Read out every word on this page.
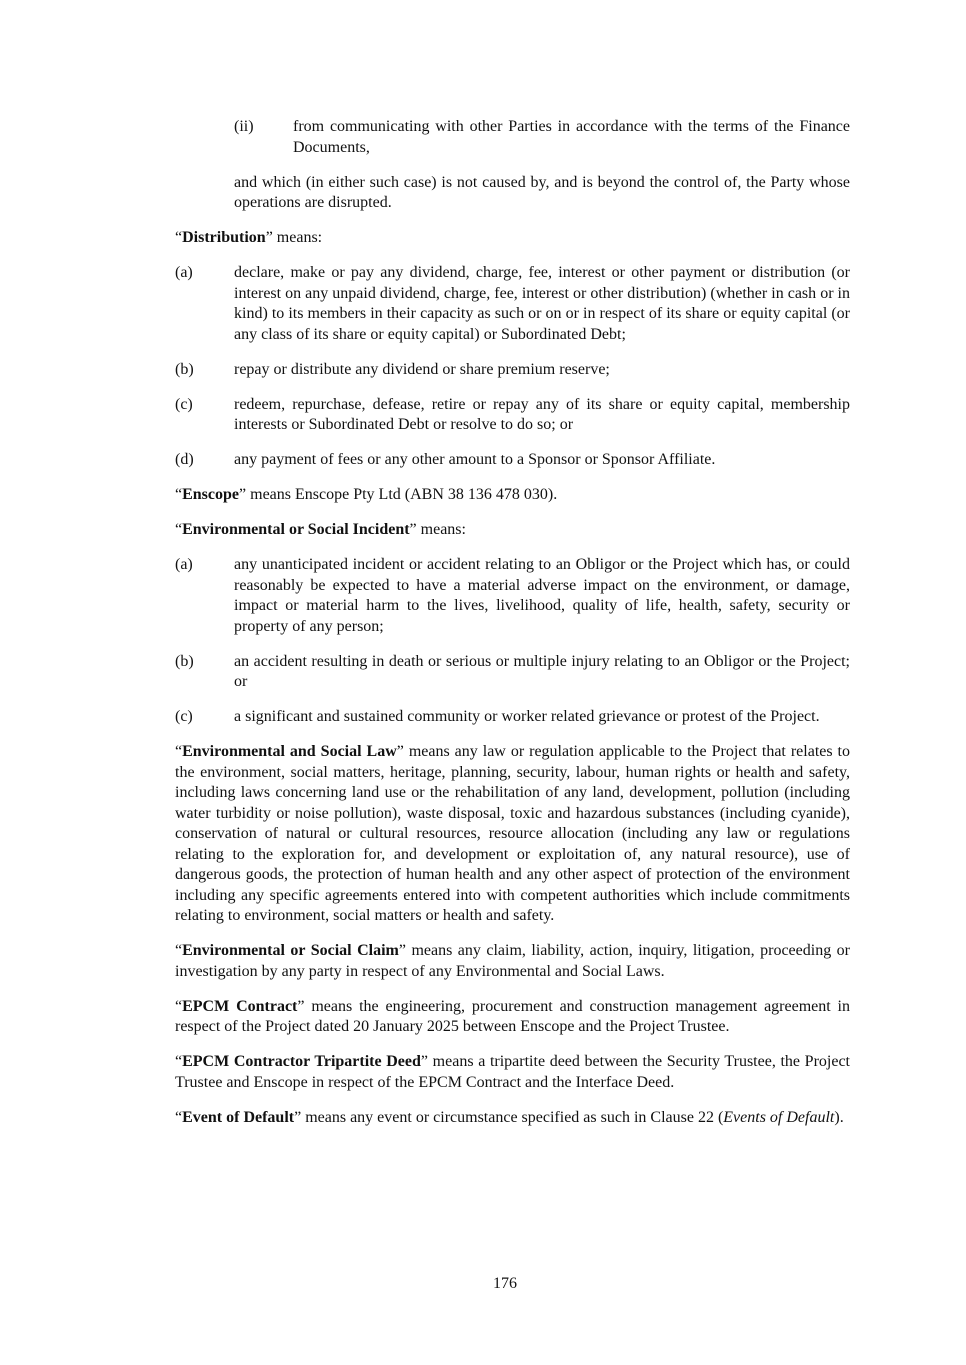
(ii)	from communicating with other Parties in accordance with the terms of the Finance Documents,

and which (in either such case) is not caused by, and is beyond the control of, the Party whose operations are disrupted.

“Distribution” means:

(a)	declare, make or pay any dividend, charge, fee, interest or other payment or distribution (or interest on any unpaid dividend, charge, fee, interest or other distribution) (whether in cash or in kind) to its members in their capacity as such or on or in respect of its share or equity capital (or any class of its share or equity capital) or Subordinated Debt;
(b)	repay or distribute any dividend or share premium reserve;
(c)	redeem, repurchase, defease, retire or repay any of its share or equity capital, membership interests or Subordinated Debt or resolve to do so; or
(d)	any payment of fees or any other amount to a Sponsor or Sponsor Affiliate.

“Enscope” means Enscope Pty Ltd (ABN 38 136 478 030).

“Environmental or Social Incident” means:

(a)	any unanticipated incident or accident relating to an Obligor or the Project which has, or could reasonably be expected to have a material adverse impact on the environment, or damage, impact or material harm to the lives, livelihood, quality of life, health, safety, security or property of any person;
(b)	an accident resulting in death or serious or multiple injury relating to an Obligor or the Project; or
(c)	a significant and sustained community or worker related grievance or protest of the Project.

“Environmental and Social Law” means any law or regulation applicable to the Project that relates to the environment, social matters, heritage, planning, security, labour, human rights or health and safety, including laws concerning land use or the rehabilitation of any land, development, pollution (including water turbidity or noise pollution), waste disposal, toxic and hazardous substances (including cyanide), conservation of natural or cultural resources, resource allocation (including any law or regulations relating to the exploration for, and development or exploitation of, any natural resource), use of dangerous goods, the protection of human health and any other aspect of protection of the environment including any specific agreements entered into with competent authorities which include commitments relating to environment, social matters or health and safety.

“Environmental or Social Claim” means any claim, liability, action, inquiry, litigation, proceeding or investigation by any party in respect of any Environmental and Social Laws.

“EPCM Contract” means the engineering, procurement and construction management agreement in respect of the Project dated 20 January 2025 between Enscope and the Project Trustee.

“EPCM Contractor Tripartite Deed” means a tripartite deed between the Security Trustee, the Project Trustee and Enscope in respect of the EPCM Contract and the Interface Deed.

“Event of Default” means any event or circumstance specified as such in Clause 22 (Events of Default).

176
